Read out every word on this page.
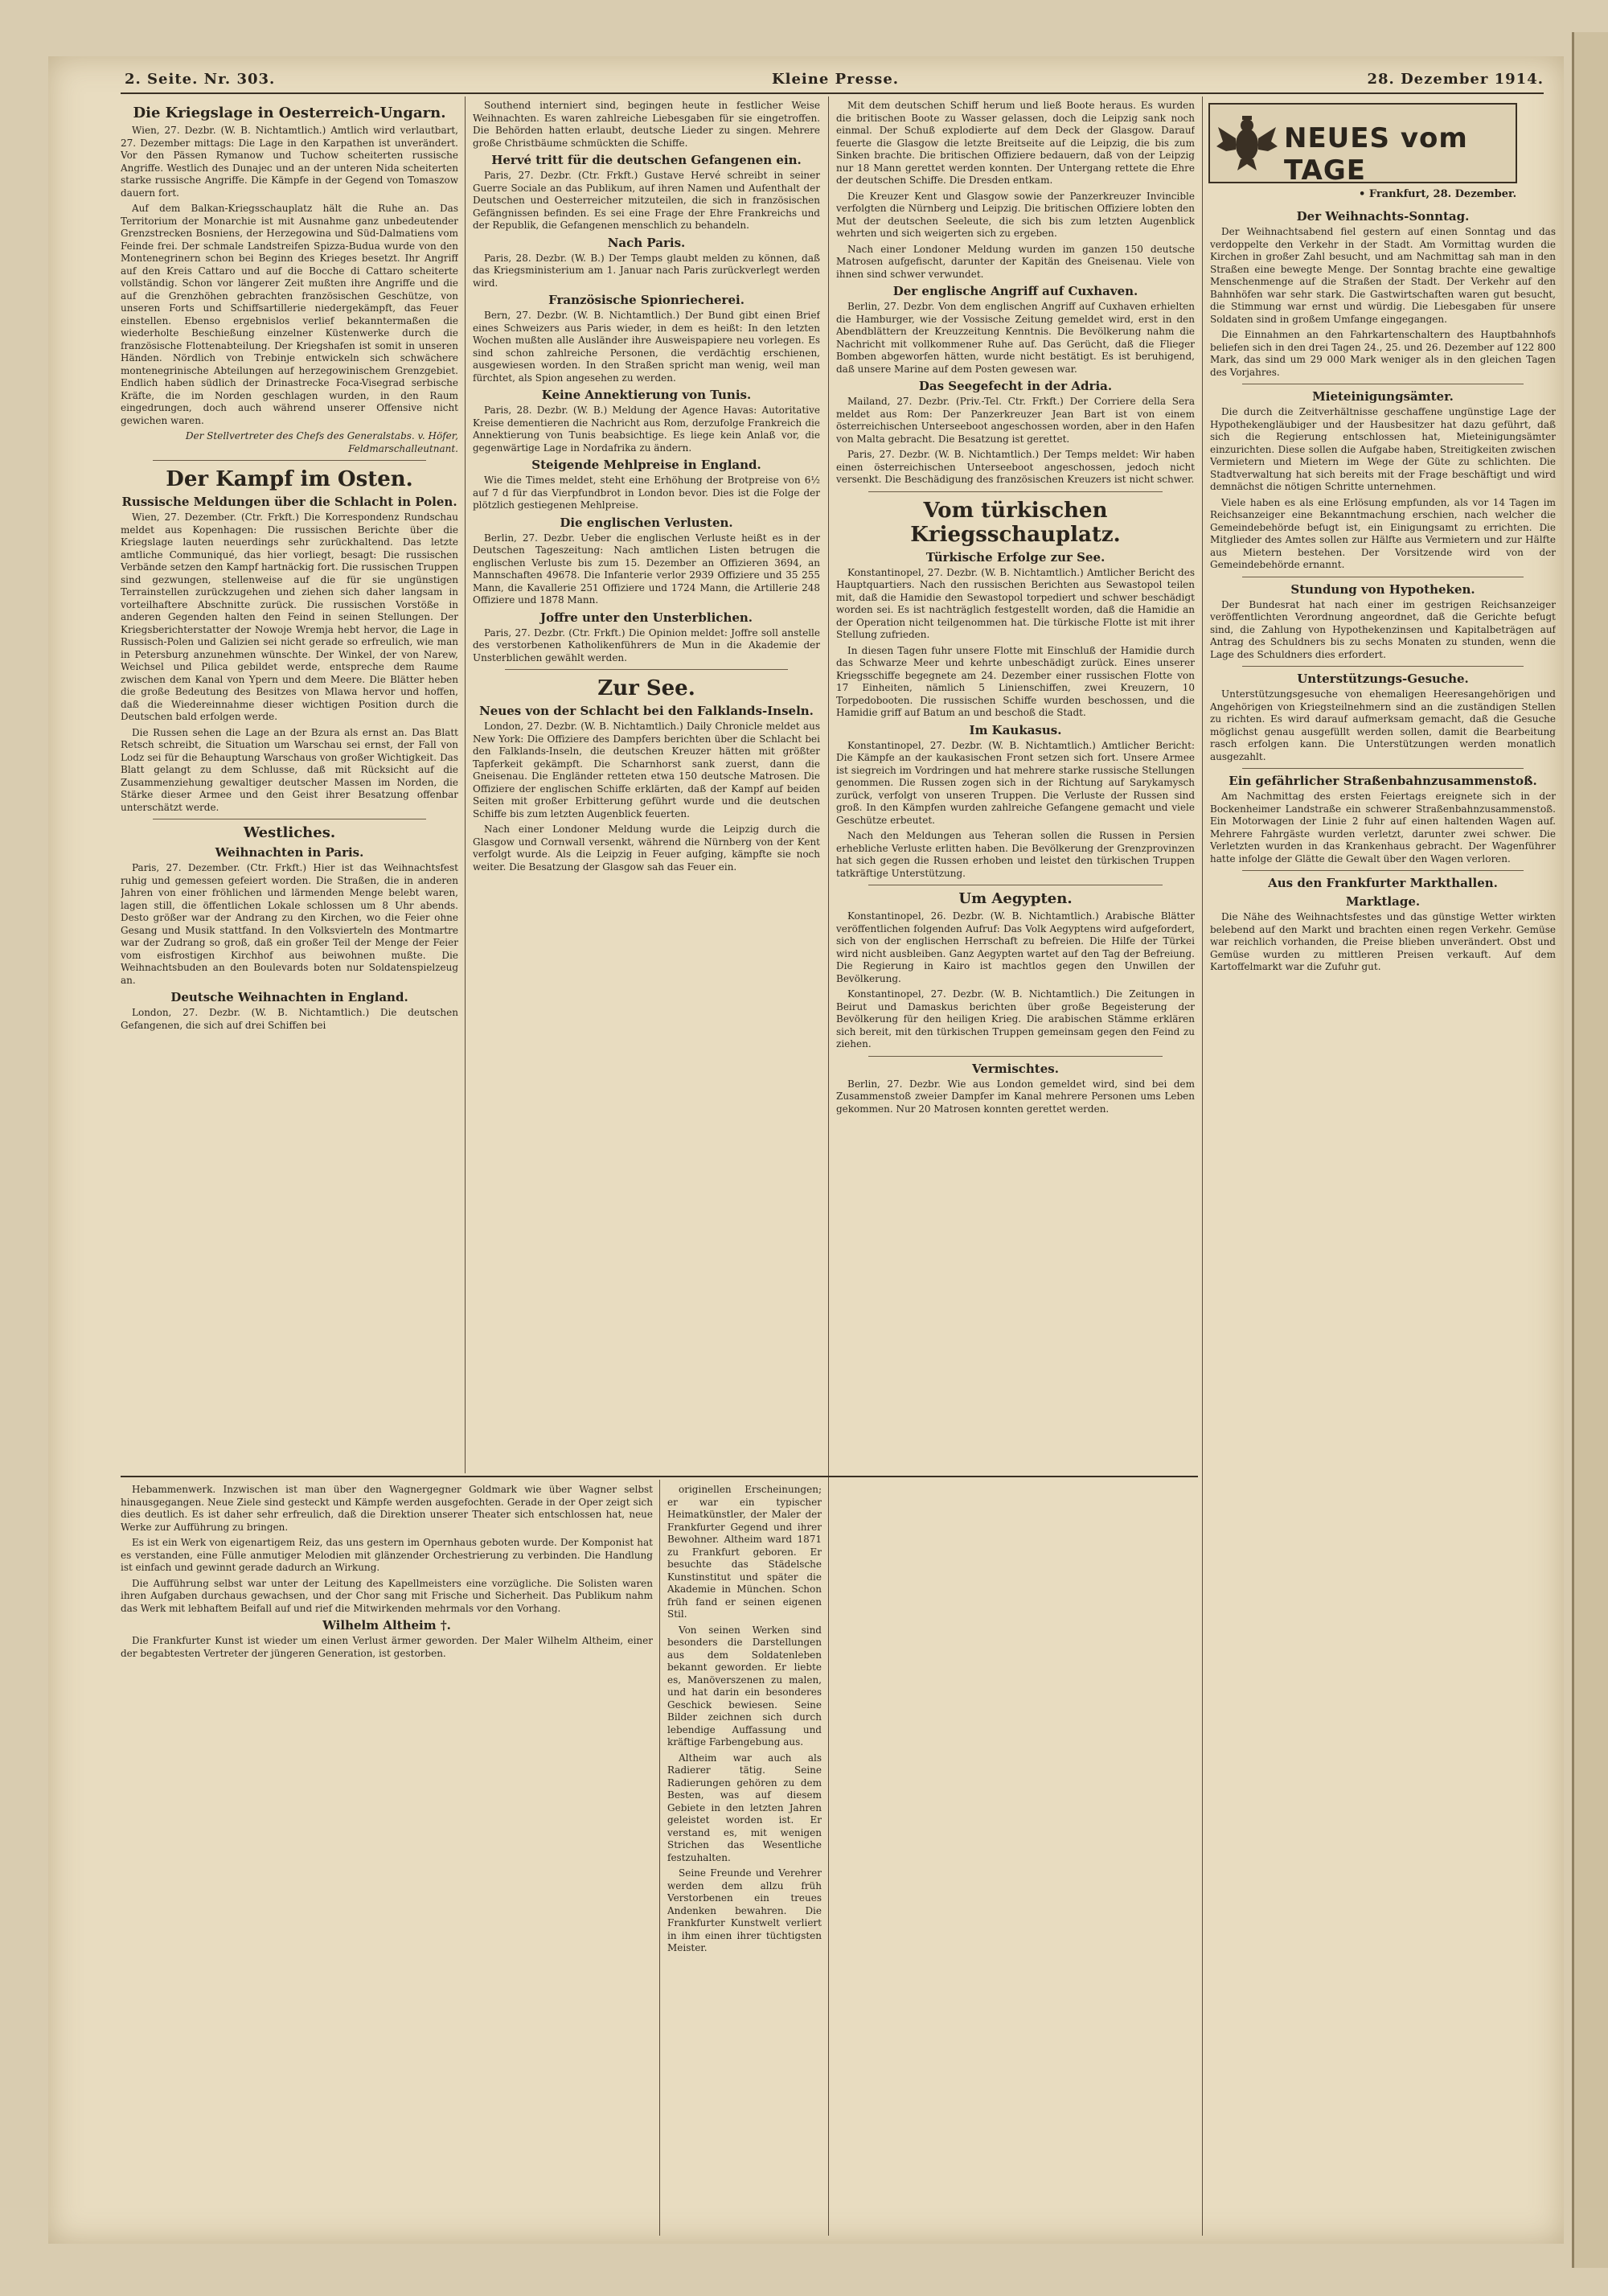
2. Seite. Nr. 303.	Kleine Presse.	28. Dezember 1914.
Die Kriegslage in Oesterreich-Ungarn.

Wien, 27. Dezbr. (W. B. Nichtamtlich.) Amtlich wird verlautbart, 27. Dezember mittags: Die Lage in den Karpathen ist unverändert. Vor den Pässen Rymanow und Tuchow scheiterten russische Angriffe. Westlich des Dunajec und an der unteren Nida scheiterten starke russische Angriffe. Die Kämpfe in der Gegend von Tomaszow dauern fort.

Auf dem Balkan-Kriegsschauplatz hält die Ruhe an. Das Territorium der Monarchie ist mit Ausnahme ganz unbedeutender Grenzstrecken Bosniens, der Herzegowina und Süd-Dalmatiens vom Feinde frei. Der schmale Landstreifen Spizza-Budua wurde von den Montenegrinern schon bei Beginn des Krieges besetzt. Ihr Angriff auf den Kreis Cattaro und auf die Bocche di Cattaro scheiterte vollständig. Schon vor längerer Zeit mußten ihre Angriffe und die auf die Grenzhöhen gebrachten französischen Geschütze, von unseren Forts und Schiffsartillerie niedergekämpft, das Feuer einstellen. Ebenso ergebnislos verlief bekanntermaßen die wiederholte Beschießung einzelner Küstenwerke durch die französische Flottenabteilung. Der Kriegshafen ist somit in unseren Händen. Nördlich von Trebinje entwickeln sich schwächere montenegrinische Abteilungen auf herzegowinischem Grenzgebiet. Endlich haben südlich der Drinastrecke Foca-Visegrad serbische Kräfte, die im Norden geschlagen wurden, in den Raum eingedrungen, doch auch während unserer Offensive nicht gewichen waren.

Der Stellvertreter des Chefs des Generalstabs. v. Höfer, Feldmarschalleutnant.

Der Kampf im Osten.
Russische Meldungen über die Schlacht in Polen.

Wien, 27. Dezember. (Ctr. Frkft.) Die Korrespondenz Rundschau meldet aus Kopenhagen: Die russischen Berichte über die Kriegslage lauten neuerdings sehr zurückhaltend. Das letzte amtliche Communiqué, das hier vorliegt, besagt: Die russischen Verbände setzen den Kampf hartnäckig fort. Die russischen Truppen sind gezwungen, stellenweise auf die für sie ungünstigen Terrainstellen zurückzugehen und ziehen sich daher langsam in vorteilhaftere Abschnitte zurück. Die russischen Vorstöße in anderen Gegenden halten den Feind in seinen Stellungen. Der Kriegsberichterstatter der Nowoje Wremja hebt hervor, die Lage in Russisch-Polen und Galizien sei nicht gerade so erfreulich, wie man in Petersburg anzunehmen wünschte. Der Winkel, der von Narew, Weichsel und Pilica gebildet werde, entspreche dem Raume zwischen dem Kanal von Ypern und dem Meere. Die Blätter heben die große Bedeutung des Besitzes von Mlawa hervor und hoffen, daß die Wiedereinnahme dieser wichtigen Position durch die Deutschen bald erfolgen werde.

Die Russen sehen die Lage an der Bzura als ernst an. Das Blatt Retsch schreibt, die Situation um Warschau sei ernst, der Fall von Lodz sei für die Behauptung Warschaus von großer Wichtigkeit. Das Blatt gelangt zu dem Schlusse, daß mit Rücksicht auf die Zusammenziehung gewaltiger deutscher Massen im Norden, die Stärke dieser Armee und den Geist ihrer Besatzung offenbar unterschätzt werde.

Westliches.
Weihnachten in Paris.

Paris, 27. Dezember. (Ctr. Frkft.) Hier ist das Weihnachtsfest ruhig und gemessen gefeiert worden. Die Straßen, die in anderen Jahren von einer fröhlichen und lärmenden Menge belebt waren, lagen still, die öffentlichen Lokale schlossen um 8 Uhr abends. Desto größer war der Andrang zu den Kirchen, wo die Feier ohne Gesang und Musik stattfand. In den Volksvierteln des Montmartre war der Zudrang so groß, daß ein großer Teil der Menge der Feier vom eisfrostigen Kirchhof aus beiwohnen mußte. Die Weihnachtsbuden an den Boulevards boten nur Soldatenspielzeug an.

Deutsche Weihnachten in England.

London, 27. Dezbr. (W. B. Nichtamtlich.) Die deutschen Gefangenen, die sich auf drei Schiffen bei

Southend interniert sind, begingen heute in festlicher Weise Weihnachten. Es waren zahlreiche Liebesgaben für sie eingetroffen. Die Behörden hatten erlaubt, deutsche Lieder zu singen. Mehrere große Christbäume schmückten die Schiffe.

Hervé tritt für die deutschen Gefangenen ein.

Paris, 27. Dezbr. (Ctr. Frkft.) Gustave Hervé schreibt in seiner Guerre Sociale an das Publikum, auf ihren Namen und Aufenthalt der Deutschen und Oesterreicher mitzuteilen, die sich in französischen Gefängnissen befinden. Es sei eine Frage der Ehre Frankreichs und der Republik, die Gefangenen menschlich zu behandeln.

Nach Paris.

Paris, 28. Dezbr. (W. B.) Der Temps glaubt melden zu können, daß das Kriegsministerium am 1. Januar nach Paris zurückverlegt werden wird.

Französische Spionriecherei.

Bern, 27. Dezbr. (W. B. Nichtamtlich.) Der Bund gibt einen Brief eines Schweizers aus Paris wieder, in dem es heißt: In den letzten Wochen mußten alle Ausländer ihre Ausweispapiere neu vorlegen. Es sind schon zahlreiche Personen, die verdächtig erschienen, ausgewiesen worden. In den Straßen spricht man wenig, weil man fürchtet, als Spion angesehen zu werden.

Keine Annektierung von Tunis.

Paris, 28. Dezbr. (W. B.) Meldung der Agence Havas: Autoritative Kreise dementieren die Nachricht aus Rom, derzufolge Frankreich die Annektierung von Tunis beabsichtige. Es liege kein Anlaß vor, die gegenwärtige Lage in Nordafrika zu ändern.

Steigende Mehlpreise in England.

Wie die Times meldet, steht eine Erhöhung der Brotpreise von 6½ auf 7 d für das Vierpfundbrot in London bevor. Dies ist die Folge der plötzlich gestiegenen Mehlpreise.

Die englischen Verlusten.

Berlin, 27. Dezbr. Ueber die englischen Verluste heißt es in der Deutschen Tageszeitung: Nach amtlichen Listen betrugen die englischen Verluste bis zum 15. Dezember an Offizieren 3694, an Mannschaften 49678. Die Infanterie verlor 2939 Offiziere und 35 255 Mann, die Kavallerie 251 Offiziere und 1724 Mann, die Artillerie 248 Offiziere und 1878 Mann.

Joffre unter den Unsterblichen.

Paris, 27. Dezbr. (Ctr. Frkft.) Die Opinion meldet: Joffre soll anstelle des verstorbenen Katholikenführers de Mun in die Akademie der Unsterblichen gewählt werden.

Zur See.
Neues von der Schlacht bei den Falklands-Inseln.

London, 27. Dezbr. (W. B. Nichtamtlich.) Daily Chronicle meldet aus New York: Die Offiziere des Dampfers berichten über die Schlacht bei den Falklands-Inseln, die deutschen Kreuzer hätten mit größter Tapferkeit gekämpft. Die Scharnhorst sank zuerst, dann die Gneisenau. Die Engländer retteten etwa 150 deutsche Matrosen. Die Offiziere der englischen Schiffe erklärten, daß der Kampf auf beiden Seiten mit großer Erbitterung geführt wurde und die deutschen Schiffe bis zum letzten Augenblick feuerten.

Nach einer Londoner Meldung wurde die Leipzig durch die Glasgow und Cornwall versenkt, während die Nürnberg von der Kent verfolgt wurde. Als die Leipzig in Feuer aufging, kämpfte sie noch weiter. Die Besatzung der Glasgow sah das Feuer ein.

Mit dem deutschen Schiff herum und ließ Boote heraus. Es wurden die britischen Boote zu Wasser gelassen, doch die Leipzig sank noch einmal. Der Schuß explodierte auf dem Deck der Glasgow. Darauf feuerte die Glasgow die letzte Breitseite auf die Leipzig, die bis zum Sinken brachte. Die britischen Offiziere bedauern, daß von der Leipzig nur 18 Mann gerettet werden konnten. Der Untergang rettete die Ehre der deutschen Schiffe. Die Dresden entkam.

Die Kreuzer Kent und Glasgow sowie der Panzerkreuzer Invincible verfolgten die Nürnberg und Leipzig. Die britischen Offiziere lobten den Mut der deutschen Seeleute, die sich bis zum letzten Augenblick wehrten und sich weigerten sich zu ergeben.

Nach einer Londoner Meldung wurden im ganzen 150 deutsche Matrosen aufgefischt, darunter der Kapitän des Gneisenau. Viele von ihnen sind schwer verwundet.

Der englische Angriff auf Cuxhaven.

Berlin, 27. Dezbr. Von dem englischen Angriff auf Cuxhaven erhielten die Hamburger, wie der Vossische Zeitung gemeldet wird, erst in den Abendblättern der Kreuzzeitung Kenntnis. Die Bevölkerung nahm die Nachricht mit vollkommener Ruhe auf. Das Gerücht, daß die Flieger Bomben abgeworfen hätten, wurde nicht bestätigt. Es ist beruhigend, daß unsere Marine auf dem Posten gewesen war.

Das Seegefecht in der Adria.

Mailand, 27. Dezbr. (Priv.-Tel. Ctr. Frkft.) Der Corriere della Sera meldet aus Rom: Der Panzerkreuzer Jean Bart ist von einem österreichischen Unterseeboot angeschossen worden, aber in den Hafen von Malta gebracht. Die Besatzung ist gerettet.

Paris, 27. Dezbr. (W. B. Nichtamtlich.) Der Temps meldet: Wir haben einen österreichischen Unterseeboot angeschossen, jedoch nicht versenkt. Die Beschädigung des französischen Kreuzers ist nicht schwer.

Vom türkischen Kriegsschauplatz.
Türkische Erfolge zur See.

Konstantinopel, 27. Dezbr. (W. B. Nichtamtlich.) Amtlicher Bericht des Hauptquartiers. Nach den russischen Berichten aus Sewastopol teilen mit, daß die Hamidie den Sewastopol torpediert und schwer beschädigt worden sei. Es ist nachträglich festgestellt worden, daß die Hamidie an der Operation nicht teilgenommen hat. Die türkische Flotte ist mit ihrer Stellung zufrieden.

In diesen Tagen fuhr unsere Flotte mit Einschluß der Hamidie durch das Schwarze Meer und kehrte unbeschädigt zurück. Eines unserer Kriegsschiffe begegnete am 24. Dezember einer russischen Flotte von 17 Einheiten, nämlich 5 Linienschiffen, zwei Kreuzern, 10 Torpedobooten. Die russischen Schiffe wurden beschossen, und die Hamidie griff auf Batum an und beschoß die Stadt.

Im Kaukasus.

Konstantinopel, 27. Dezbr. (W. B. Nichtamtlich.) Amtlicher Bericht: Die Kämpfe an der kaukasischen Front setzen sich fort. Unsere Armee ist siegreich im Vordringen und hat mehrere starke russische Stellungen genommen. Die Russen zogen sich in der Richtung auf Sarykamysch zurück, verfolgt von unseren Truppen. Die Verluste der Russen sind groß. In den Kämpfen wurden zahlreiche Gefangene gemacht und viele Geschütze erbeutet.

Nach den Meldungen aus Teheran sollen die Russen in Persien erhebliche Verluste erlitten haben. Die Bevölkerung der Grenzprovinzen hat sich gegen die Russen erhoben und leistet den türkischen Truppen tatkräftige Unterstützung.

Um Aegypten.

Konstantinopel, 26. Dezbr. (W. B. Nichtamtlich.) Arabische Blätter veröffentlichen folgenden Aufruf: Das Volk Aegyptens wird aufgefordert, sich von der englischen Herrschaft zu befreien. Die Hilfe der Türkei wird nicht ausbleiben. Ganz Aegypten wartet auf den Tag der Befreiung. Die Regierung in Kairo ist machtlos gegen den Unwillen der Bevölkerung.

Konstantinopel, 27. Dezbr. (W. B. Nichtamtlich.) Die Zeitungen in Beirut und Damaskus berichten über große Begeisterung der Bevölkerung für den heiligen Krieg. Die arabischen Stämme erklären sich bereit, mit den türkischen Truppen gemeinsam gegen den Feind zu ziehen.

Vermischtes.

Berlin, 27. Dezbr. Wie aus London gemeldet wird, sind bei dem Zusammenstoß zweier Dampfer im Kanal mehrere Personen ums Leben gekommen. Nur 20 Matrosen konnten gerettet werden.

NEUES vom TAGE
• Frankfurt, 28. Dezember.
Der Weihnachts-Sonntag.

Der Weihnachtsabend fiel gestern auf einen Sonntag und das verdoppelte den Verkehr in der Stadt. Am Vormittag wurden die Kirchen in großer Zahl besucht, und am Nachmittag sah man in den Straßen eine bewegte Menge. Der Sonntag brachte eine gewaltige Menschenmenge auf die Straßen der Stadt. Der Verkehr auf den Bahnhöfen war sehr stark. Die Gastwirtschaften waren gut besucht, die Stimmung war ernst und würdig. Die Liebesgaben für unsere Soldaten sind in großem Umfange eingegangen.

Die Einnahmen an den Fahrkartenschaltern des Hauptbahnhofs beliefen sich in den drei Tagen 24., 25. und 26. Dezember auf 122 800 Mark, das sind um 29 000 Mark weniger als in den gleichen Tagen des Vorjahres.

Mieteinigungsämter.

Die durch die Zeitverhältnisse geschaffene ungünstige Lage der Hypothekengläubiger und der Hausbesitzer hat dazu geführt, daß sich die Regierung entschlossen hat, Mieteinigungsämter einzurichten. Diese sollen die Aufgabe haben, Streitigkeiten zwischen Vermietern und Mietern im Wege der Güte zu schlichten. Die Stadtverwaltung hat sich bereits mit der Frage beschäftigt und wird demnächst die nötigen Schritte unternehmen.

Viele haben es als eine Erlösung empfunden, als vor 14 Tagen im Reichsanzeiger eine Bekanntmachung erschien, nach welcher die Gemeindebehörde befugt ist, ein Einigungsamt zu errichten. Die Mitglieder des Amtes sollen zur Hälfte aus Vermietern und zur Hälfte aus Mietern bestehen. Der Vorsitzende wird von der Gemeindebehörde ernannt.

Stundung von Hypotheken.

Der Bundesrat hat nach einer im gestrigen Reichsanzeiger veröffentlichten Verordnung angeordnet, daß die Gerichte befugt sind, die Zahlung von Hypothekenzinsen und Kapitalbeträgen auf Antrag des Schuldners bis zu sechs Monaten zu stunden, wenn die Lage des Schuldners dies erfordert.

Unterstützungs-Gesuche.

Unterstützungsgesuche von ehemaligen Heeresangehörigen und Angehörigen von Kriegsteilnehmern sind an die zuständigen Stellen zu richten. Es wird darauf aufmerksam gemacht, daß die Gesuche möglichst genau ausgefüllt werden sollen, damit die Bearbeitung rasch erfolgen kann. Die Unterstützungen werden monatlich ausgezahlt.

Ein gefährlicher Straßenbahnzusammenstoß.

Am Nachmittag des ersten Feiertags ereignete sich in der Bockenheimer Landstraße ein schwerer Straßenbahnzusammenstoß. Ein Motorwagen der Linie 2 fuhr auf einen haltenden Wagen auf. Mehrere Fahrgäste wurden verletzt, darunter zwei schwer. Die Verletzten wurden in das Krankenhaus gebracht. Der Wagenführer hatte infolge der Glätte die Gewalt über den Wagen verloren.

Aus den Frankfurter Markthallen.
Marktlage.

Die Nähe des Weihnachtsfestes und das günstige Wetter wirkten belebend auf den Markt und brachten einen regen Verkehr. Gemüse war reichlich vorhanden, die Preise blieben unverändert. Obst und Gemüse wurden zu mittleren Preisen verkauft. Auf dem Kartoffelmarkt war die Zufuhr gut.

Hebammenwerk. Inzwischen ist man über den Wagnergegner Goldmark wie über Wagner selbst hinausgegangen. Neue Ziele sind gesteckt und Kämpfe werden ausgefochten. Gerade in der Oper zeigt sich dies deutlich. Es ist daher sehr erfreulich, daß die Direktion unserer Theater sich entschlossen hat, neue Werke zur Aufführung zu bringen.

Es ist ein Werk von eigenartigem Reiz, das uns gestern im Opernhaus geboten wurde. Der Komponist hat es verstanden, eine Fülle anmutiger Melodien mit glänzender Orchestrierung zu verbinden. Die Handlung ist einfach und gewinnt gerade dadurch an Wirkung.

Die Aufführung selbst war unter der Leitung des Kapellmeisters eine vorzügliche. Die Solisten waren ihren Aufgaben durchaus gewachsen, und der Chor sang mit Frische und Sicherheit. Das Publikum nahm das Werk mit lebhaftem Beifall auf und rief die Mitwirkenden mehrmals vor den Vorhang.

Wilhelm Altheim †.

Die Frankfurter Kunst ist wieder um einen Verlust ärmer geworden. Der Maler Wilhelm Altheim, einer der begabtesten Vertreter der jüngeren Generation, ist gestorben.

originellen Erscheinungen; er war ein typischer Heimatkünstler, der Maler der Frankfurter Gegend und ihrer Bewohner. Altheim ward 1871 zu Frankfurt geboren. Er besuchte das Städelsche Kunstinstitut und später die Akademie in München. Schon früh fand er seinen eigenen Stil.

Von seinen Werken sind besonders die Darstellungen aus dem Soldatenleben bekannt geworden. Er liebte es, Manöverszenen zu malen, und hat darin ein besonderes Geschick bewiesen. Seine Bilder zeichnen sich durch lebendige Auffassung und kräftige Farbengebung aus.

Altheim war auch als Radierer tätig. Seine Radierungen gehören zu dem Besten, was auf diesem Gebiete in den letzten Jahren geleistet worden ist. Er verstand es, mit wenigen Strichen das Wesentliche festzuhalten.

Seine Freunde und Verehrer werden dem allzu früh Verstorbenen ein treues Andenken bewahren. Die Frankfurter Kunstwelt verliert in ihm einen ihrer tüchtigsten Meister.
